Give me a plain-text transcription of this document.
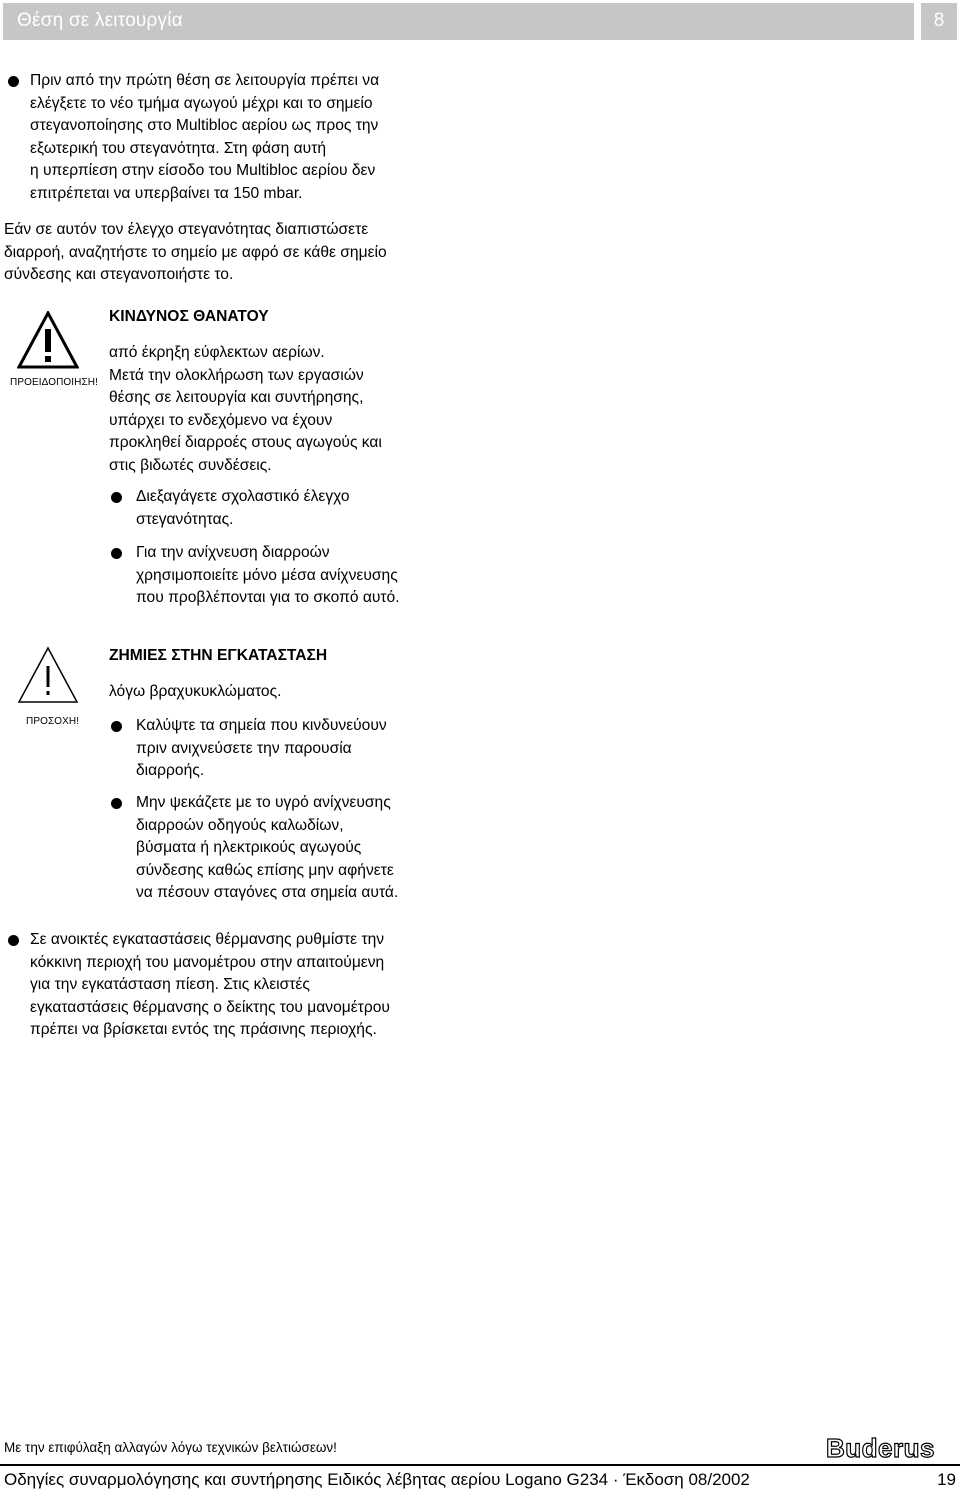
Θέση σε λειτουργία	8
Πριν από την πρώτη θέση σε λειτουργία πρέπει να
ελέγξετε το νέο τμήμα αγωγού μέχρι και το σημείο
στεγανοποίησης στο Multibloc αερίου ως προς την
εξωτερική του στεγανότητα. Στη φάση αυτή
η υπερπίεση στην είσοδο του Multibloc αερίου δεν
επιτρέπεται να υπερβαίνει τα 150 mbar.
Εάν σε αυτόν τον έλεγχο στεγανότητας διαπιστώσετε
διαρροή, αναζητήστε το σημείο με αφρό σε κάθε σημείο
σύνδεσης και στεγανοποιήστε το.
ΠΡΟΕΙΔΟΠΟΙΗΣΗ!
ΚΙΝΔΥΝΟΣ ΘΑΝΑΤΟΥ
από έκρηξη εύφλεκτων αερίων.
Μετά την ολοκλήρωση των εργασιών
θέσης σε λειτουργία και συντήρησης,
υπάρχει το ενδεχόμενο να έχουν
προκληθεί διαρροές στους αγωγούς και
στις βιδωτές συνδέσεις.
Διεξαγάγετε σχολαστικό έλεγχο
στεγανότητας.
Για την ανίχνευση διαρροών
χρησιμοποιείτε μόνο μέσα ανίχνευσης
που προβλέπονται για το σκοπό αυτό.
ΠΡΟΣΟΧΗ!
ΖΗΜΙΕΣ ΣΤΗΝ ΕΓΚΑΤΑΣΤΑΣΗ
λόγω βραχυκυκλώματος.
Καλύψτε τα σημεία που κινδυνεύουν
πριν ανιχνεύσετε την παρουσία
διαρροής.
Μην ψεκάζετε με το υγρό ανίχνευσης
διαρροών οδηγούς καλωδίων,
βύσματα ή ηλεκτρικούς αγωγούς
σύνδεσης καθώς επίσης μην αφήνετε
να πέσουν σταγόνες στα σημεία αυτά.
Σε ανοικτές εγκαταστάσεις θέρμανσης ρυθμίστε την
κόκκινη περιοχή του μανομέτρου στην απαιτούμενη
για την εγκατάσταση πίεση. Στις κλειστές
εγκαταστάσεις θέρμανσης ο δείκτης του μανομέτρου
πρέπει να βρίσκεται εντός της πράσινης περιοχής.
Με την επιφύλαξη αλλαγών λόγω τεχνικών βελτιώσεων!	Buderus
Οδηγίες συναρμολόγησης και συντήρησης Ειδικός λέβητας αερίου Logano G234 · Έκδοση 08/2002	19
